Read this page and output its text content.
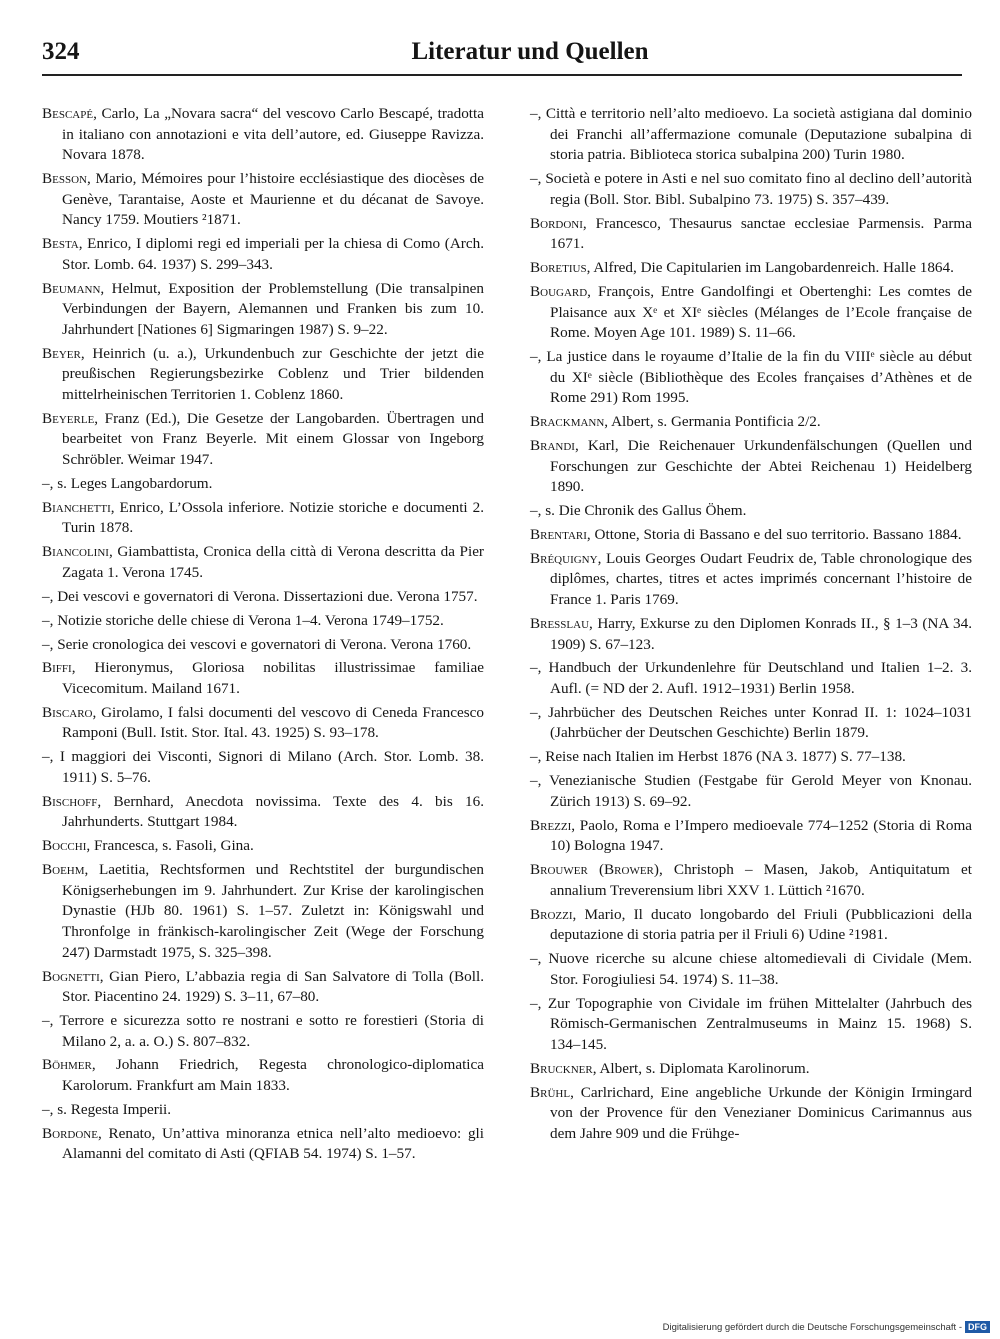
324	Literatur und Quellen

Bescapé, Carlo, La „Novara sacra“ del vescovo Carlo Bescapé, tradotta in italiano con annotazioni e vita dell’autore, ed. Giuseppe Ravizza. Novara 1878.

Besson, Mario, Mémoires pour l’histoire ecclésiastique des diocèses de Genève, Tarantaise, Aoste et Maurienne et du décanat de Savoye. Nancy 1759. Moutiers ²1871.

Besta, Enrico, I diplomi regi ed imperiali per la chiesa di Como (Arch. Stor. Lomb. 64. 1937) S. 299–343.

Beumann, Helmut, Exposition der Problemstellung (Die transalpinen Verbindungen der Bayern, Alemannen und Franken bis zum 10. Jahrhundert [Nationes 6] Sigmaringen 1987) S. 9–22.

Beyer, Heinrich (u. a.), Urkundenbuch zur Geschichte der jetzt die preußischen Regierungsbezirke Coblenz und Trier bildenden mittelrheinischen Territorien 1. Coblenz 1860.

Beyerle, Franz (Ed.), Die Gesetze der Langobarden. Übertragen und bearbeitet von Franz Beyerle. Mit einem Glossar von Ingeborg Schröbler. Weimar 1947.

–, s. Leges Langobardorum.

Bianchetti, Enrico, L’Ossola inferiore. Notizie storiche e documenti 2. Turin 1878.

Biancolini, Giambattista, Cronica della città di Verona descritta da Pier Zagata 1. Verona 1745.

–, Dei vescovi e governatori di Verona. Dissertazioni due. Verona 1757.

–, Notizie storiche delle chiese di Verona 1–4. Verona 1749–1752.

–, Serie cronologica dei vescovi e governatori di Verona. Verona 1760.

Biffi, Hieronymus, Gloriosa nobilitas illustrissimae familiae Vicecomitum. Mailand 1671.

Biscaro, Girolamo, I falsi documenti del vescovo di Ceneda Francesco Ramponi (Bull. Istit. Stor. Ital. 43. 1925) S. 93–178.

–, I maggiori dei Visconti, Signori di Milano (Arch. Stor. Lomb. 38. 1911) S. 5–76.

Bischoff, Bernhard, Anecdota novissima. Texte des 4. bis 16. Jahrhunderts. Stuttgart 1984.

Bocchi, Francesca, s. Fasoli, Gina.

Boehm, Laetitia, Rechtsformen und Rechtstitel der burgundischen Königserhebungen im 9. Jahrhundert. Zur Krise der karolingischen Dynastie (HJb 80. 1961) S. 1–57. Zuletzt in: Königswahl und Thronfolge in fränkisch-karolingischer Zeit (Wege der Forschung 247) Darmstadt 1975, S. 325–398.

Bognetti, Gian Piero, L’abbazia regia di San Salvatore di Tolla (Boll. Stor. Piacentino 24. 1929) S. 3–11, 67–80.

–, Terrore e sicurezza sotto re nostrani e sotto re forestieri (Storia di Milano 2, a. a. O.) S. 807–832.

Böhmer, Johann Friedrich, Regesta chronologico-diplomatica Karolorum. Frankfurt am Main 1833.

–, s. Regesta Imperii.

Bordone, Renato, Un’attiva minoranza etnica nell’alto medioevo: gli Alamanni del comitato di Asti (QFIAB 54. 1974) S. 1–57.

–, Città e territorio nell’alto medioevo. La società astigiana dal dominio dei Franchi all’affermazione comunale (Deputazione subalpina di storia patria. Biblioteca storica subalpina 200) Turin 1980.

–, Società e potere in Asti e nel suo comitato fino al declino dell’autorità regia (Boll. Stor. Bibl. Subalpino 73. 1975) S. 357–439.

Bordoni, Francesco, Thesaurus sanctae ecclesiae Parmensis. Parma 1671.

Boretius, Alfred, Die Capitularien im Langobardenreich. Halle 1864.

Bougard, François, Entre Gandolfingi et Obertenghi: Les comtes de Plaisance aux Xᵉ et XIᵉ siècles (Mélanges de l’Ecole française de Rome. Moyen Age 101. 1989) S. 11–66.

–, La justice dans le royaume d’Italie de la fin du VIIIᵉ siècle au début du XIᵉ siècle (Bibliothèque des Ecoles françaises d’Athènes et de Rome 291) Rom 1995.

Brackmann, Albert, s. Germania Pontificia 2/2.

Brandi, Karl, Die Reichenauer Urkundenfälschungen (Quellen und Forschungen zur Geschichte der Abtei Reichenau 1) Heidelberg 1890.

–, s. Die Chronik des Gallus Öhem.

Brentari, Ottone, Storia di Bassano e del suo territorio. Bassano 1884.

Bréquigny, Louis Georges Oudart Feudrix de, Table chronologique des diplômes, chartes, titres et actes imprimés concernant l’histoire de France 1. Paris 1769.

Bresslau, Harry, Exkurse zu den Diplomen Konrads II., § 1–3 (NA 34. 1909) S. 67–123.

–, Handbuch der Urkundenlehre für Deutschland und Italien 1–2. 3. Aufl. (= ND der 2. Aufl. 1912–1931) Berlin 1958.

–, Jahrbücher des Deutschen Reiches unter Konrad II. 1: 1024–1031 (Jahrbücher der Deutschen Geschichte) Berlin 1879.

–, Reise nach Italien im Herbst 1876 (NA 3. 1877) S. 77–138.

–, Venezianische Studien (Festgabe für Gerold Meyer von Knonau. Zürich 1913) S. 69–92.

Brezzi, Paolo, Roma e l’Impero medioevale 774–1252 (Storia di Roma 10) Bologna 1947.

Brouwer (Brower), Christoph – Masen, Jakob, Antiquitatum et annalium Treverensium libri XXV 1. Lüttich ²1670.

Brozzi, Mario, Il ducato longobardo del Friuli (Pubblicazioni della deputazione di storia patria per il Friuli 6) Udine ²1981.

–, Nuove ricerche su alcune chiese altomedievali di Cividale (Mem. Stor. Forogiuliesi 54. 1974) S. 11–38.

–, Zur Topographie von Cividale im frühen Mittelalter (Jahrbuch des Römisch-Germanischen Zentralmuseums in Mainz 15. 1968) S. 134–145.

Bruckner, Albert, s. Diplomata Karolinorum.

Brühl, Carlrichard, Eine angebliche Urkunde der Königin Irmingard von der Provence für den Venezianer Dominicus Carimannus aus dem Jahre 909 und die Frühge-

Digitalisierung gefördert durch die Deutsche Forschungsgemeinschaft - DFG
